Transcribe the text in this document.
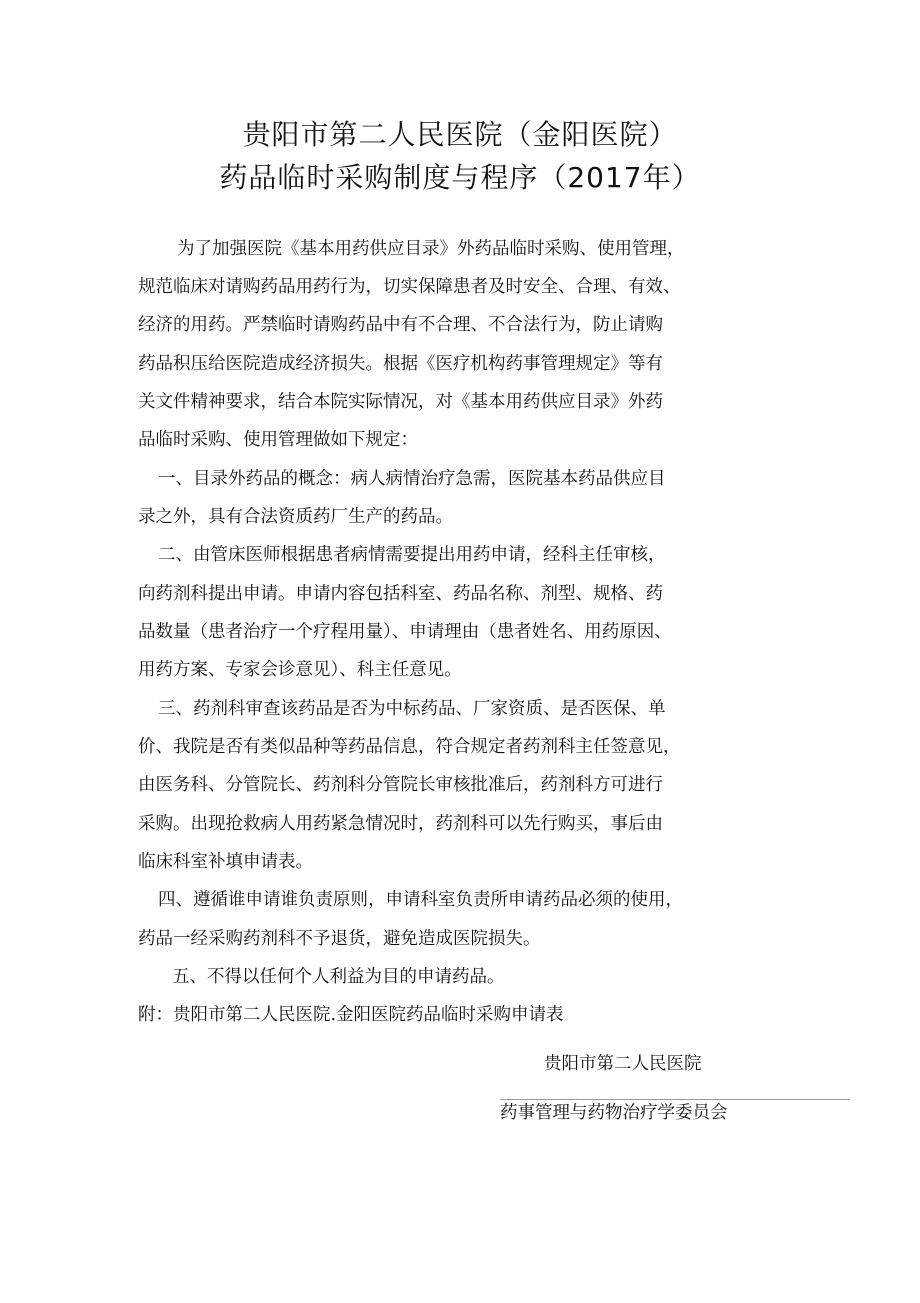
贵阳市第二人民医院（金阳医院）
药品临时采购制度与程序（2017年）
为了加强医院《基本用药供应目录》外药品临时采购、使用管理，
规范临床对请购药品用药行为，切实保障患者及时安全、合理、有效、
经济的用药。严禁临时请购药品中有不合理、不合法行为，防止请购
药品积压给医院造成经济损失。根据《医疗机构药事管理规定》等有
关文件精神要求，结合本院实际情况，对《基本用药供应目录》外药
品临时采购、使用管理做如下规定：
一、目录外药品的概念：病人病情治疗急需，医院基本药品供应目
录之外，具有合法资质药厂生产的药品。
二、由管床医师根据患者病情需要提出用药申请，经科主任审核，
向药剂科提出申请。申请内容包括科室、药品名称、剂型、规格、药
品数量（患者治疗一个疗程用量）、申请理由（患者姓名、用药原因、
用药方案、专家会诊意见）、科主任意见。
三、药剂科审查该药品是否为中标药品、厂家资质、是否医保、单
价、我院是否有类似品种等药品信息，符合规定者药剂科主任签意见，
由医务科、分管院长、药剂科分管院长审核批准后，药剂科方可进行
采购。出现抢救病人用药紧急情况时，药剂科可以先行购买，事后由
临床科室补填申请表。
四、遵循谁申请谁负责原则，申请科室负责所申请药品必须的使用，
药品一经采购药剂科不予退货，避免造成医院损失。
五、不得以任何个人利益为目的申请药品。
附：贵阳市第二人民医院.金阳医院药品临时采购申请表
贵阳市第二人民医院
药事管理与药物治疗学委员会
